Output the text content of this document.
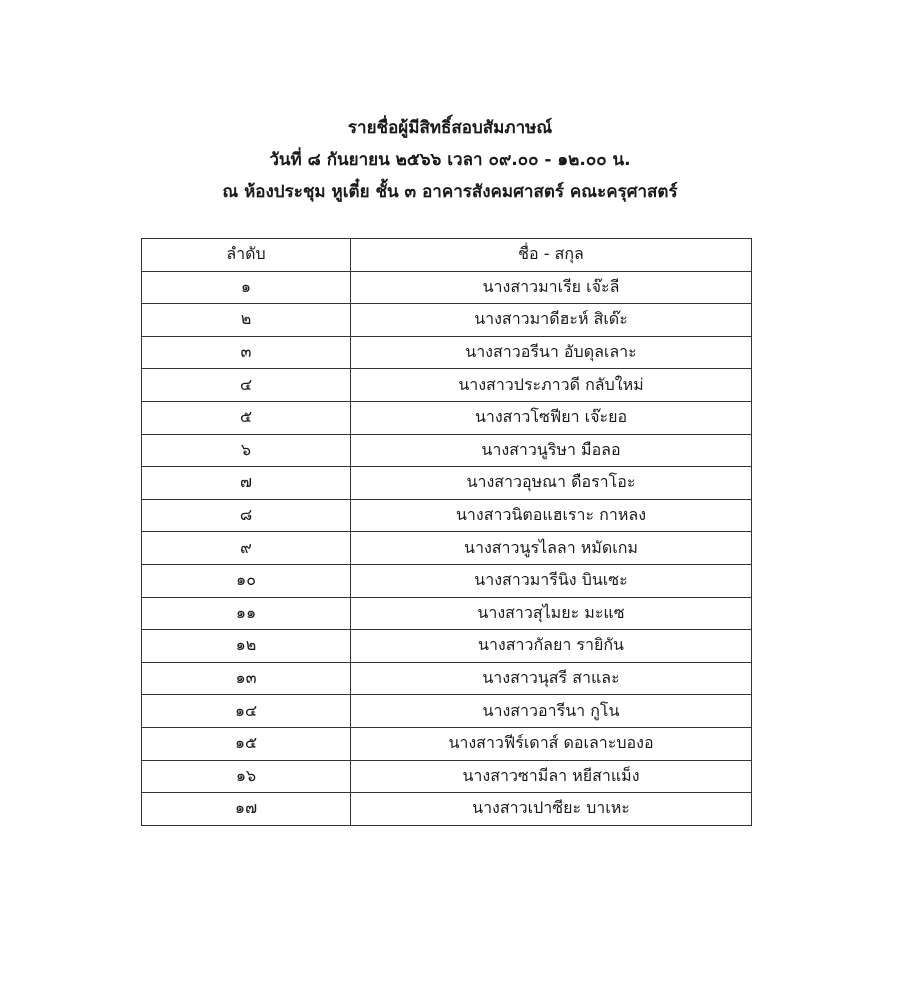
รายชื่อผู้มีสิทธิ์สอบสัมภาษณ์
วันที่ ๘ กันยายน ๒๕๖๖ เวลา ๐๙.๐๐ - ๑๒.๐๐ น.
ณ ห้องประชุม หูเตี๋ย ชั้น ๓ อาคารสังคมศาสตร์ คณะครุศาสตร์
ลำดับ	ชื่อ - สกุล
๑	นางสาวมาเรีย เจ๊ะลี
๒	นางสาวมาดีฮะห์ สิเด๊ะ
๓	นางสาวอรีนา อับดุลเลาะ
๔	นางสาวประภาวดี กลับใหม่
๕	นางสาวโซฟียา เจ๊ะยอ
๖	นางสาวนูริษา มือลอ
๗	นางสาวอุษณา ดือราโอะ
๘	นางสาวนิตอแฮเราะ กาหลง
๙	นางสาวนูรไลลา หมัดเกม
๑๐	นางสาวมารีนิง บินเซะ
๑๑	นางสาวสุไมยะ มะแซ
๑๒	นางสาวกัลยา รายิกัน
๑๓	นางสาวนุสรี สาและ
๑๔	นางสาวอารีนา กูโน
๑๕	นางสาวฟีร์เดาส์ ดอเลาะบองอ
๑๖	นางสาวซามีลา หยีสาแม็ง
๑๗	นางสาวเปาซียะ บาเหะ
